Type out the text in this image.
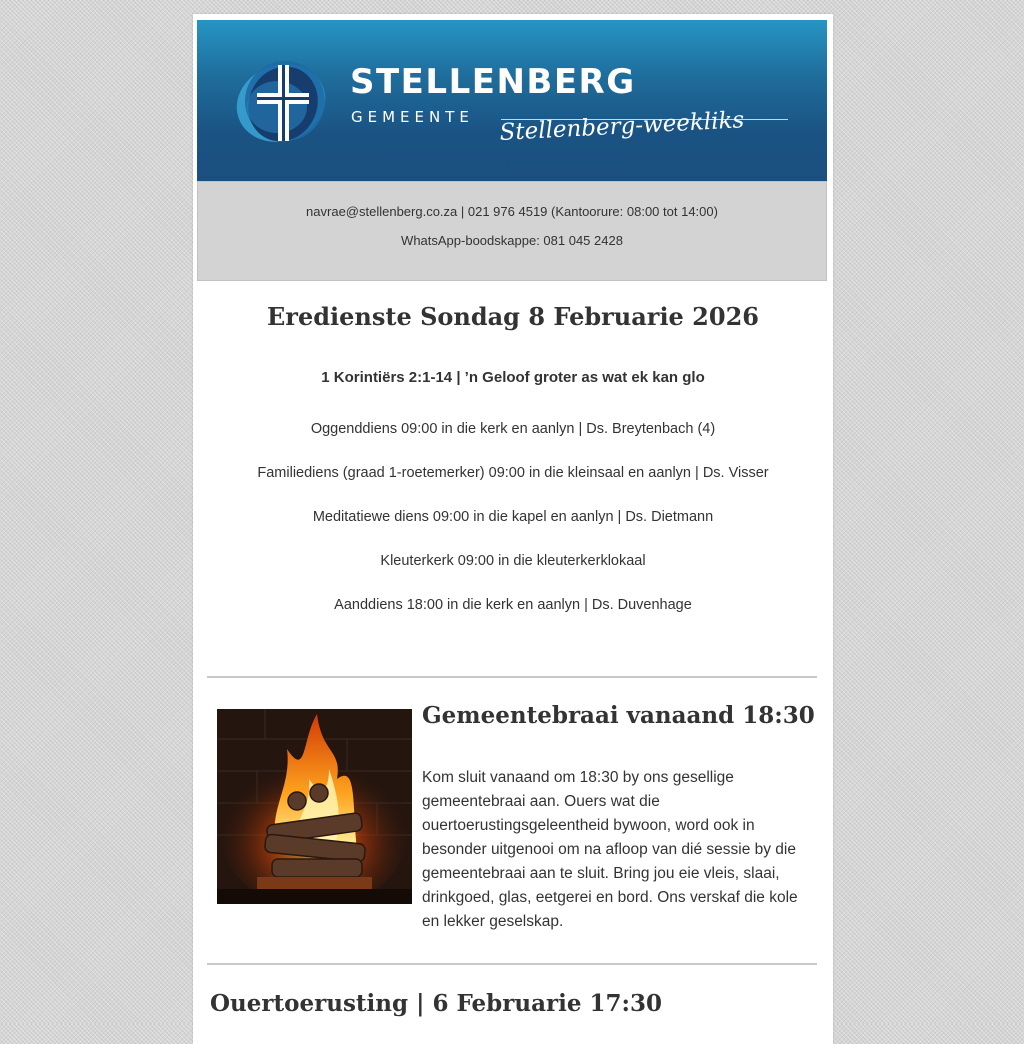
STELLENBERG
GEMEENTE Stellenberg-weekliks
navrae@stellenberg.co.za | 021 976 4519 (Kantoorure: 08:00 tot 14:00)
WhatsApp-boodskappe: 081 045 2428
Eredienste Sondag 8 Februarie 2026
1 Korintiërs 2:1-14 | ’n Geloof groter as wat ek kan glo
Oggenddiens 09:00 in die kerk en aanlyn | Ds. Breytenbach (4)
Familiediens (graad 1-roetemerker) 09:00 in die kleinsaal en aanlyn | Ds. Visser
Meditatiewe diens 09:00 in die kapel en aanlyn | Ds. Dietmann
Kleuterkerk 09:00 in die kleuterkerklokaal
Aanddiens 18:00 in die kerk en aanlyn | Ds. Duvenhage
Gemeentebraai vanaand 18:30
Kom sluit vanaand om 18:30 by ons gesellige gemeentebraai aan. Ouers wat die ouertoerustingsgeleentheid bywoon, word ook in besonder uitgenooi om na afloop van dié sessie by die gemeentebraai aan te sluit. Bring jou eie vleis, slaai, drinkgoed, glas, eetgerei en bord. Ons verskaf die kole en lekker geselskap.
Ouertoerusting | 6 Februarie 17:30
